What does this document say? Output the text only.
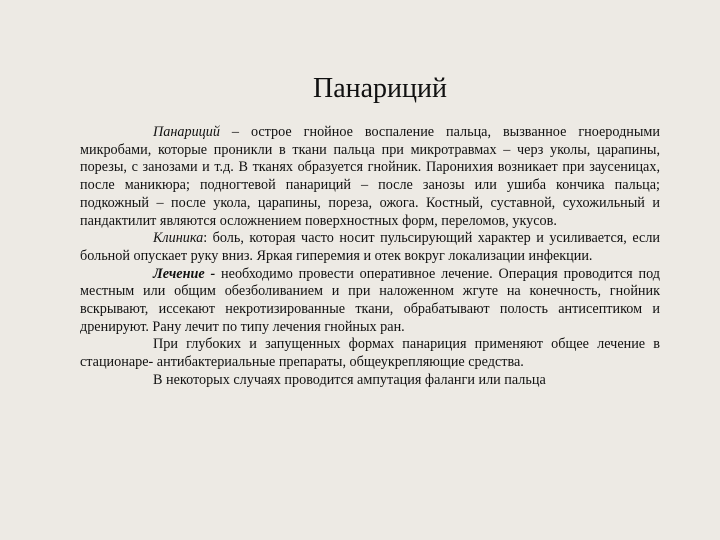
Панариций

Панариций – острое гнойное воспаление пальца, вызванное гноеродными микробами, которые проникли в ткани пальца при микротравмах – черз уколы, царапины, порезы, с занозами и т.д. В тканях образуется гнойник. Паронихия возникает при заусеницах, после маникюра; подногтевой панариций – после занозы или ушиба кончика пальца; подкожный – после укола, царапины, пореза, ожога. Костный, суставной, сухожильный и пандактилит являются осложнением поверхностных форм, переломов, укусов.

Клиника: боль, которая часто носит пульсирующий характер и усиливается, если больной опускает руку вниз. Яркая гиперемия и отек вокруг локализации инфекции.

Лечение - необходимо провести оперативное лечение. Операция проводится под местным или общим обезболиванием и при наложенном жгуте на конечность, гнойник вскрывают, иссекают некротизированные ткани, обрабатывают полость антисептиком и дренируют. Рану лечит по типу лечения гнойных ран.

При глубоких и запущенных формах панариция применяют общее лечение в стационаре- антибактериальные препараты, общеукрепляющие средства.

В некоторых случаях проводится ампутация фаланги или пальца
